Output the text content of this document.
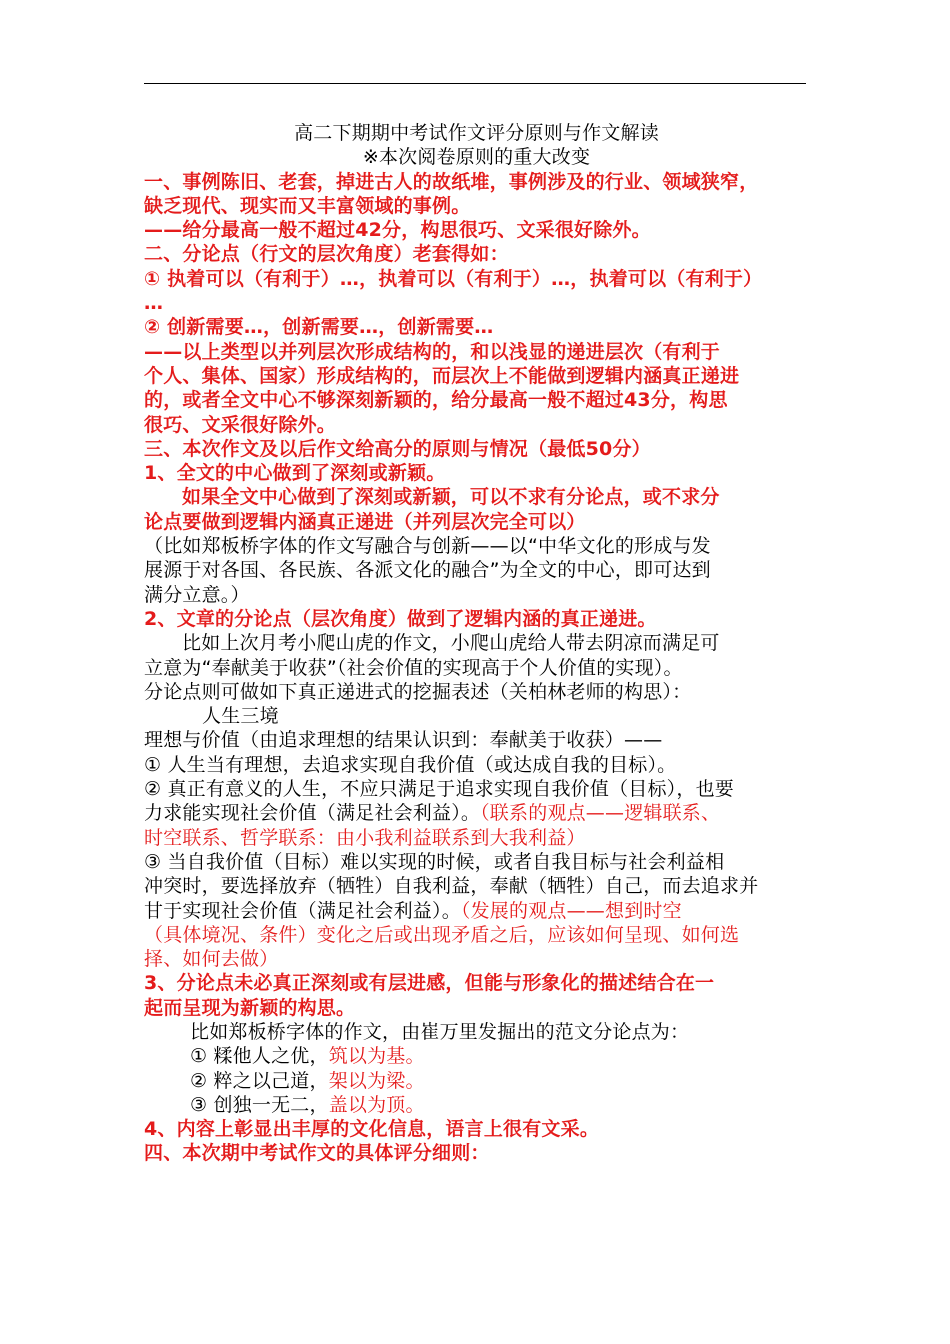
高二下期期中考试作文评分原则与作文解读
※本次阅卷原则的重大改变
一、事例陈旧、老套，掉进古人的故纸堆，事例涉及的行业、领域狭窄，
缺乏现代、现实而又丰富领域的事例。
——给分最高一般不超过42分，构思很巧、文采很好除外。
二、分论点（行文的层次角度）老套得如：
① 执着可以（有利于）…，执着可以（有利于）…，执着可以（有利于）
…
② 创新需要…，创新需要…，创新需要…
——以上类型以并列层次形成结构的，和以浅显的递进层次（有利于
个人、集体、国家）形成结构的，而层次上不能做到逻辑内涵真正递进
的，或者全文中心不够深刻新颖的，给分最高一般不超过43分，构思
很巧、文采很好除外。
三、本次作文及以后作文给高分的原则与情况（最低50分）
1、全文的中心做到了深刻或新颖。
如果全文中心做到了深刻或新颖，可以不求有分论点，或不求分
论点要做到逻辑内涵真正递进（并列层次完全可以）
（比如郑板桥字体的作文写融合与创新——以“中华文化的形成与发
展源于对各国、各民族、各派文化的融合”为全文的中心，即可达到
满分立意。）
2、文章的分论点（层次角度）做到了逻辑内涵的真正递进。
比如上次月考小爬山虎的作文，小爬山虎给人带去阴凉而满足可
立意为“奉献美于收获”（社会价值的实现高于个人价值的实现）。
分论点则可做如下真正递进式的挖掘表述（关柏林老师的构思）：
人生三境
理想与价值（由追求理想的结果认识到：奉献美于收获）——
① 人生当有理想，去追求实现自我价值（或达成自我的目标）。
② 真正有意义的人生，不应只满足于追求实现自我价值（目标），也要
力求能实现社会价值（满足社会利益）。（联系的观点——逻辑联系、
时空联系、哲学联系：由小我利益联系到大我利益）
③ 当自我价值（目标）难以实现的时候，或者自我目标与社会利益相
冲突时，要选择放弃（牺牲）自我利益，奉献（牺牲）自己，而去追求并
甘于实现社会价值（满足社会利益）。（发展的观点——想到时空
（具体境况、条件）变化之后或出现矛盾之后，应该如何呈现、如何选
择、如何去做）
3、分论点未必真正深刻或有层进感，但能与形象化的描述结合在一
起而呈现为新颖的构思。
比如郑板桥字体的作文，由崔万里发掘出的范文分论点为：
① 糅他人之优，筑以为基。
② 粹之以己道，架以为梁。
③ 创独一无二，盖以为顶。
4、内容上彰显出丰厚的文化信息，语言上很有文采。
四、本次期中考试作文的具体评分细则：
